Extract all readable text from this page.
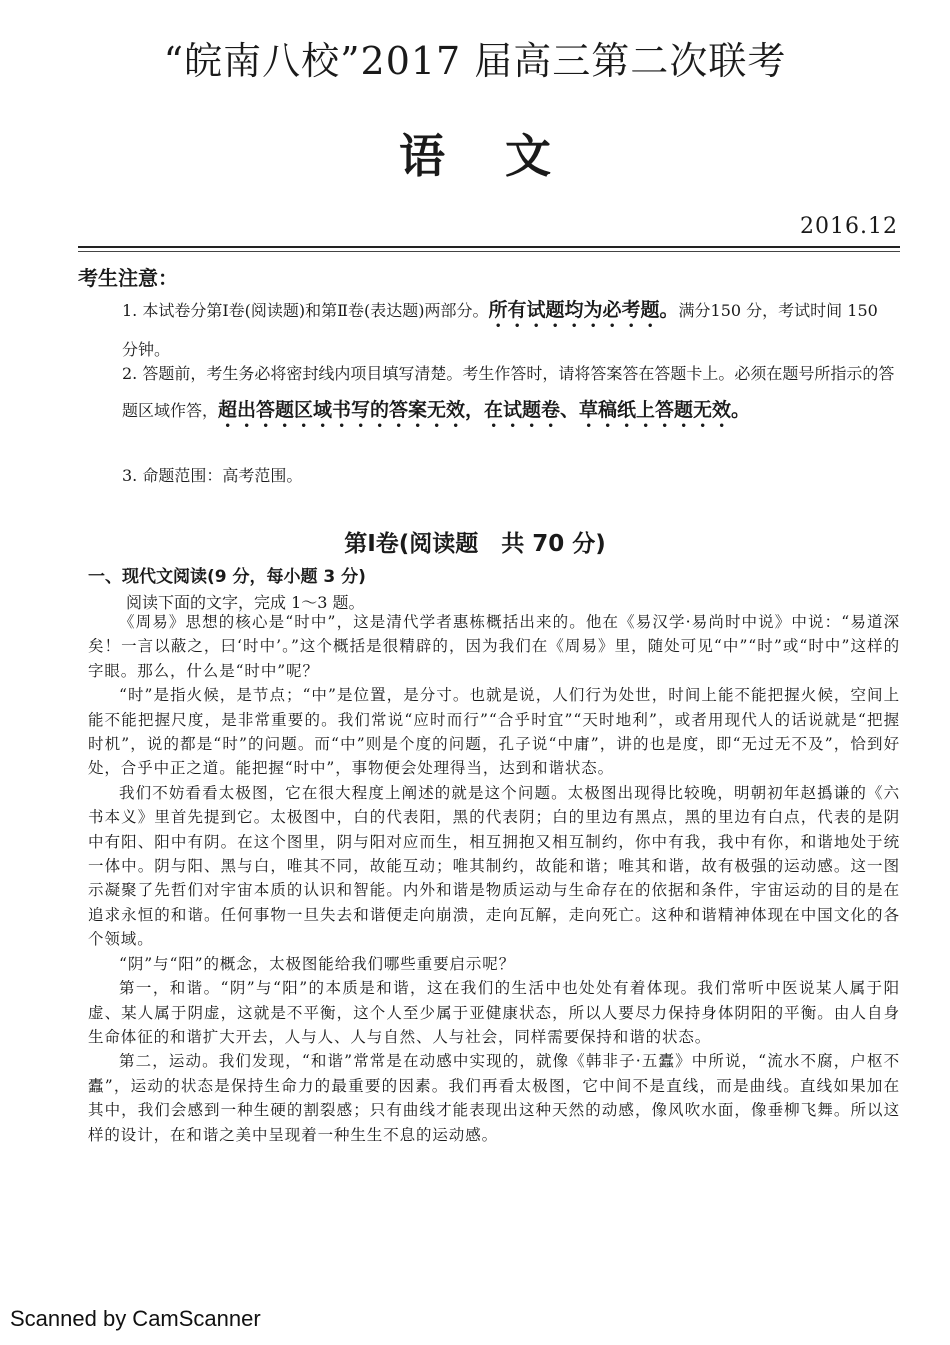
“皖南八校”2017 届高三第二次联考
语文
2016.12
考生注意：
1. 本试卷分第Ⅰ卷(阅读题)和第Ⅱ卷(表达题)两部分。所有试题均为必考题。满分150 分，考试时间 150 分钟。
2. 答题前，考生务必将密封线内项目填写清楚。考生作答时，请将答案答在答题卡上。必须在题号所指示的答题区域作答，超出答题区域书写的答案无效，在试题卷、草稿纸上答题无效。
3. 命题范围：高考范围。
第Ⅰ卷(阅读题　共 70 分)
一、现代文阅读(9 分，每小题 3 分)
阅读下面的文字，完成 1～3 题。

《周易》思想的核心是“时中”，这是清代学者惠栋概括出来的。他在《易汉学·易尚时中说》中说：“易道深矣！一言以蔽之，曰‘时中’。”这个概括是很精辟的，因为我们在《周易》里，随处可见“中”“时”或“时中”这样的字眼。那么，什么是“时中”呢？

“时”是指火候，是节点；“中”是位置，是分寸。也就是说，人们行为处世，时间上能不能把握火候，空间上能不能把握尺度，是非常重要的。我们常说“应时而行”“合乎时宜”“天时地利”，或者用现代人的话说就是“把握时机”，说的都是“时”的问题。而“中”则是个度的问题，孔子说“中庸”，讲的也是度，即“无过无不及”，恰到好处，合乎中正之道。能把握“时中”，事物便会处理得当，达到和谐状态。

我们不妨看看太极图，它在很大程度上阐述的就是这个问题。太极图出现得比较晚，明朝初年赵撝谦的《六书本义》里首先提到它。太极图中，白的代表阳，黑的代表阴；白的里边有黑点，黑的里边有白点，代表的是阴中有阳、阳中有阴。在这个图里，阴与阳对应而生，相互拥抱又相互制约，你中有我，我中有你，和谐地处于统一体中。阴与阳、黑与白，唯其不同，故能互动；唯其制约，故能和谐；唯其和谐，故有极强的运动感。这一图示凝聚了先哲们对宇宙本质的认识和智能。内外和谐是物质运动与生命存在的依据和条件，宇宙运动的目的是在追求永恒的和谐。任何事物一旦失去和谐便走向崩溃，走向瓦解，走向死亡。这种和谐精神体现在中国文化的各个领域。

“阴”与“阳”的概念，太极图能给我们哪些重要启示呢？

第一，和谐。“阴”与“阳”的本质是和谐，这在我们的生活中也处处有着体现。我们常听中医说某人属于阳虚、某人属于阴虚，这就是不平衡，这个人至少属于亚健康状态，所以人要尽力保持身体阴阳的平衡。由人自身生命体征的和谐扩大开去，人与人、人与自然、人与社会，同样需要保持和谐的状态。

第二，运动。我们发现，“和谐”常常是在动感中实现的，就像《韩非子·五蠹》中所说，“流水不腐，户枢不蠹”，运动的状态是保持生命力的最重要的因素。我们再看太极图，它中间不是直线，而是曲线。直线如果加在其中，我们会感到一种生硬的割裂感；只有曲线才能表现出这种天然的动感，像风吹水面，像垂柳飞舞。所以这样的设计，在和谐之美中呈现着一种生生不息的运动感。

Scanned by CamScanner
